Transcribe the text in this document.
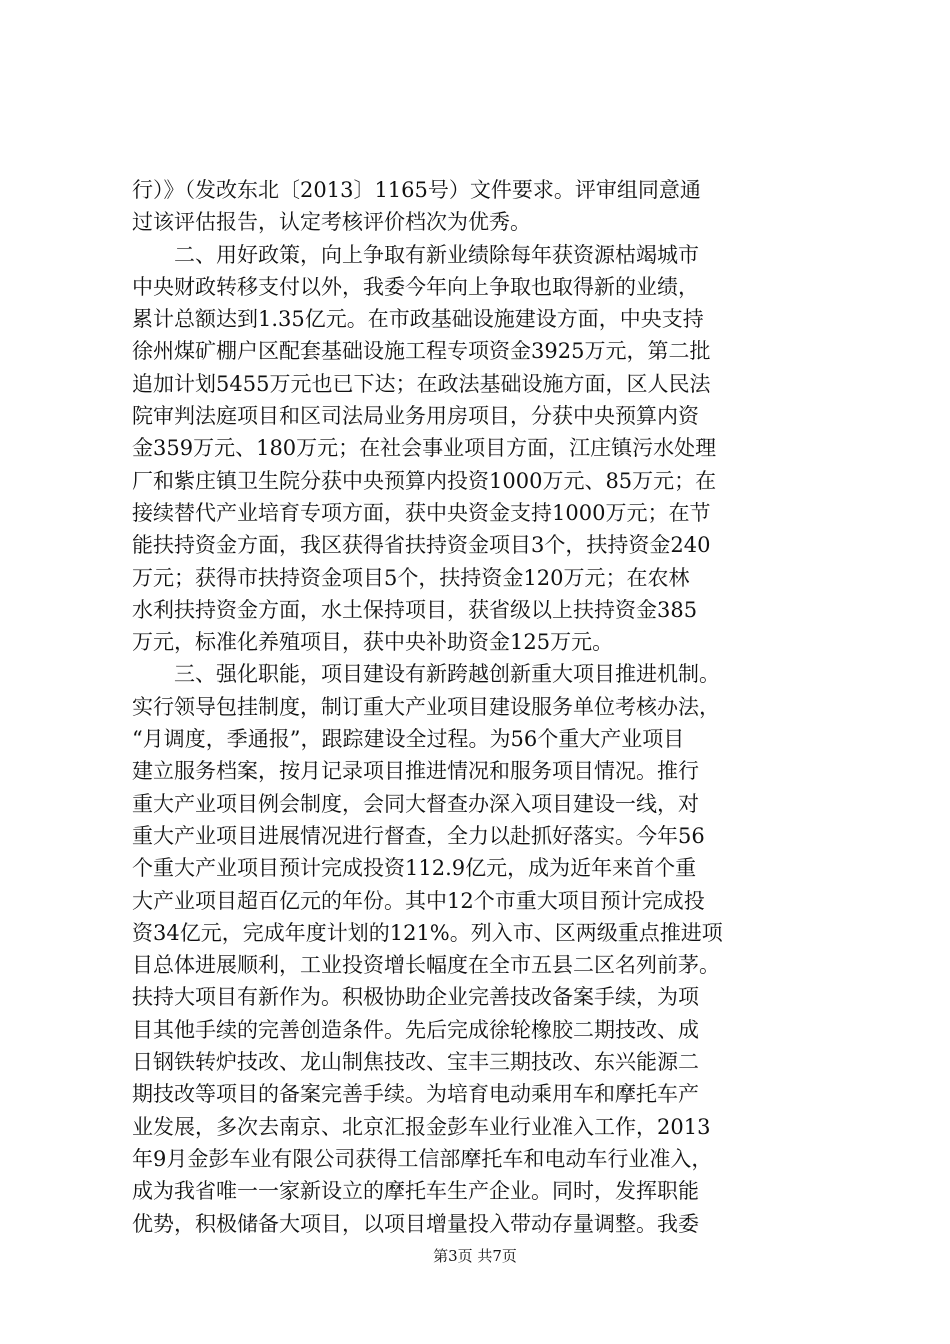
行）》（发改东北〔2013〕1165号）文件要求。评审组同意通
过该评估报告，认定考核评价档次为优秀。
　　二、用好政策，向上争取有新业绩除每年获资源枯竭城市
中央财政转移支付以外，我委今年向上争取也取得新的业绩，
累计总额达到1.35亿元。在市政基础设施建设方面，中央支持
徐州煤矿棚户区配套基础设施工程专项资金3925万元，第二批
追加计划5455万元也已下达；在政法基础设施方面，区人民法
院审判法庭项目和区司法局业务用房项目，分获中央预算内资
金359万元、180万元；在社会事业项目方面，江庄镇污水处理
厂和紫庄镇卫生院分获中央预算内投资1000万元、85万元；在
接续替代产业培育专项方面，获中央资金支持1000万元；在节
能扶持资金方面，我区获得省扶持资金项目3个，扶持资金240
万元；获得市扶持资金项目5个，扶持资金120万元；在农林
水利扶持资金方面，水土保持项目，获省级以上扶持资金385
万元，标准化养殖项目，获中央补助资金125万元。
　　三、强化职能，项目建设有新跨越创新重大项目推进机制。
实行领导包挂制度，制订重大产业项目建设服务单位考核办法，
“月调度，季通报”，跟踪建设全过程。为56个重大产业项目
建立服务档案，按月记录项目推进情况和服务项目情况。推行
重大产业项目例会制度，会同大督查办深入项目建设一线，对
重大产业项目进展情况进行督查，全力以赴抓好落实。今年56
个重大产业项目预计完成投资112.9亿元，成为近年来首个重
大产业项目超百亿元的年份。其中12个市重大项目预计完成投
资34亿元，完成年度计划的121%。列入市、区两级重点推进项
目总体进展顺利，工业投资增长幅度在全市五县二区名列前茅。
扶持大项目有新作为。积极协助企业完善技改备案手续，为项
目其他手续的完善创造条件。先后完成徐轮橡胶二期技改、成
日钢铁转炉技改、龙山制焦技改、宝丰三期技改、东兴能源二
期技改等项目的备案完善手续。为培育电动乘用车和摩托车产
业发展，多次去南京、北京汇报金彭车业行业准入工作，2013
年9月金彭车业有限公司获得工信部摩托车和电动车行业准入，
成为我省唯一一家新设立的摩托车生产企业。同时，发挥职能
优势，积极储备大项目，以项目增量投入带动存量调整。我委
第3页 共7页
